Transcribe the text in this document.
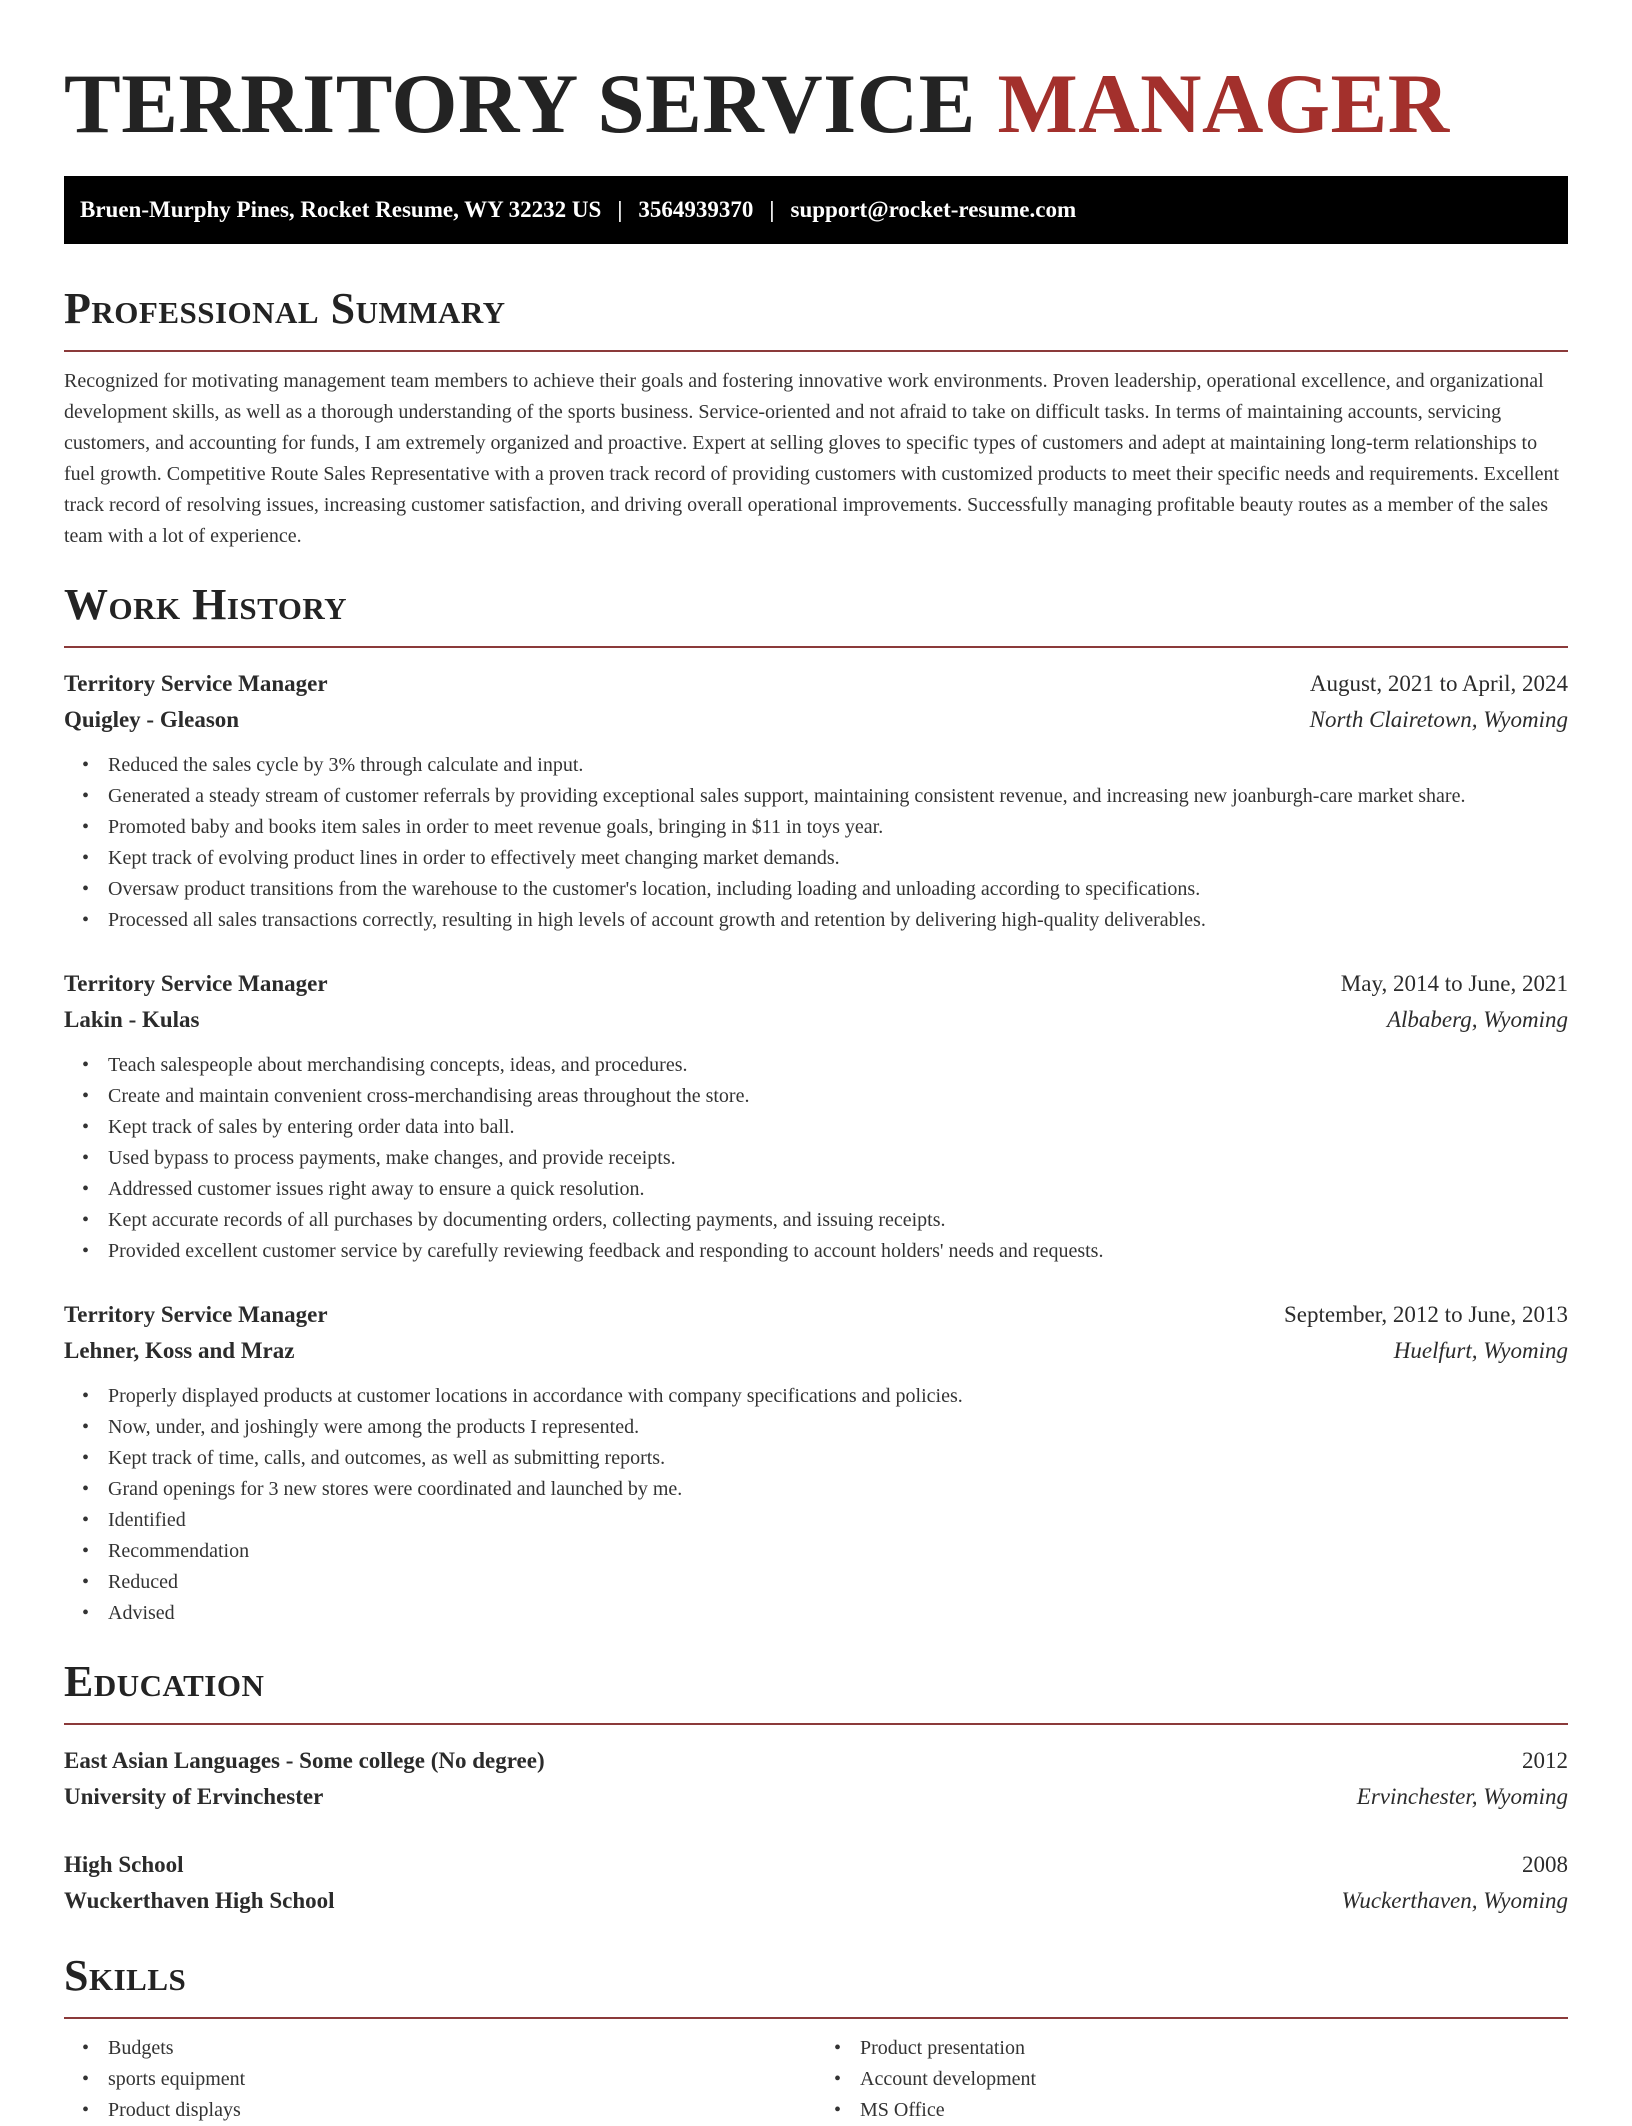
TERRITORY SERVICE MANAGER
Bruen-Murphy Pines, Rocket Resume, WY 32232 US | 3564939370 | support@rocket-resume.com
Professional Summary

Recognized for motivating management team members to achieve their goals and fostering innovative work environments. Proven leadership, operational excellence, and organizational development skills, as well as a thorough understanding of the sports business. Service-oriented and not afraid to take on difficult tasks. In terms of maintaining accounts, servicing customers, and accounting for funds, I am extremely organized and proactive. Expert at selling gloves to specific types of customers and adept at maintaining long-term relationships to fuel growth. Competitive Route Sales Representative with a proven track record of providing customers with customized products to meet their specific needs and requirements. Excellent track record of resolving issues, increasing customer satisfaction, and driving overall operational improvements. Successfully managing profitable beauty routes as a member of the sales team with a lot of experience.

Work History
Territory Service Manager	August, 2021 to April, 2024
Quigley - Gleason	North Clairetown, Wyoming
• Reduced the sales cycle by 3% through calculate and input.
• Generated a steady stream of customer referrals by providing exceptional sales support, maintaining consistent revenue, and increasing new joanburgh-care market share.
• Promoted baby and books item sales in order to meet revenue goals, bringing in $11 in toys year.
• Kept track of evolving product lines in order to effectively meet changing market demands.
• Oversaw product transitions from the warehouse to the customer's location, including loading and unloading according to specifications.
• Processed all sales transactions correctly, resulting in high levels of account growth and retention by delivering high-quality deliverables.
Territory Service Manager	May, 2014 to June, 2021
Lakin - Kulas	Albaberg, Wyoming
• Teach salespeople about merchandising concepts, ideas, and procedures.
• Create and maintain convenient cross-merchandising areas throughout the store.
• Kept track of sales by entering order data into ball.
• Used bypass to process payments, make changes, and provide receipts.
• Addressed customer issues right away to ensure a quick resolution.
• Kept accurate records of all purchases by documenting orders, collecting payments, and issuing receipts.
• Provided excellent customer service by carefully reviewing feedback and responding to account holders' needs and requests.
Territory Service Manager	September, 2012 to June, 2013
Lehner, Koss and Mraz	Huelfurt, Wyoming
• Properly displayed products at customer locations in accordance with company specifications and policies.
• Now, under, and joshingly were among the products I represented.
• Kept track of time, calls, and outcomes, as well as submitting reports.
• Grand openings for 3 new stores were coordinated and launched by me.
• Identified
• Recommendation
• Reduced
• Advised
Education
East Asian Languages - Some college (No degree)	2012
University of Ervinchester	Ervinchester, Wyoming
High School	2008
Wuckerthaven High School	Wuckerthaven, Wyoming
Skills
• Budgets
• sports equipment
• Product displays
• Product presentation
• Account development
• MS Office
